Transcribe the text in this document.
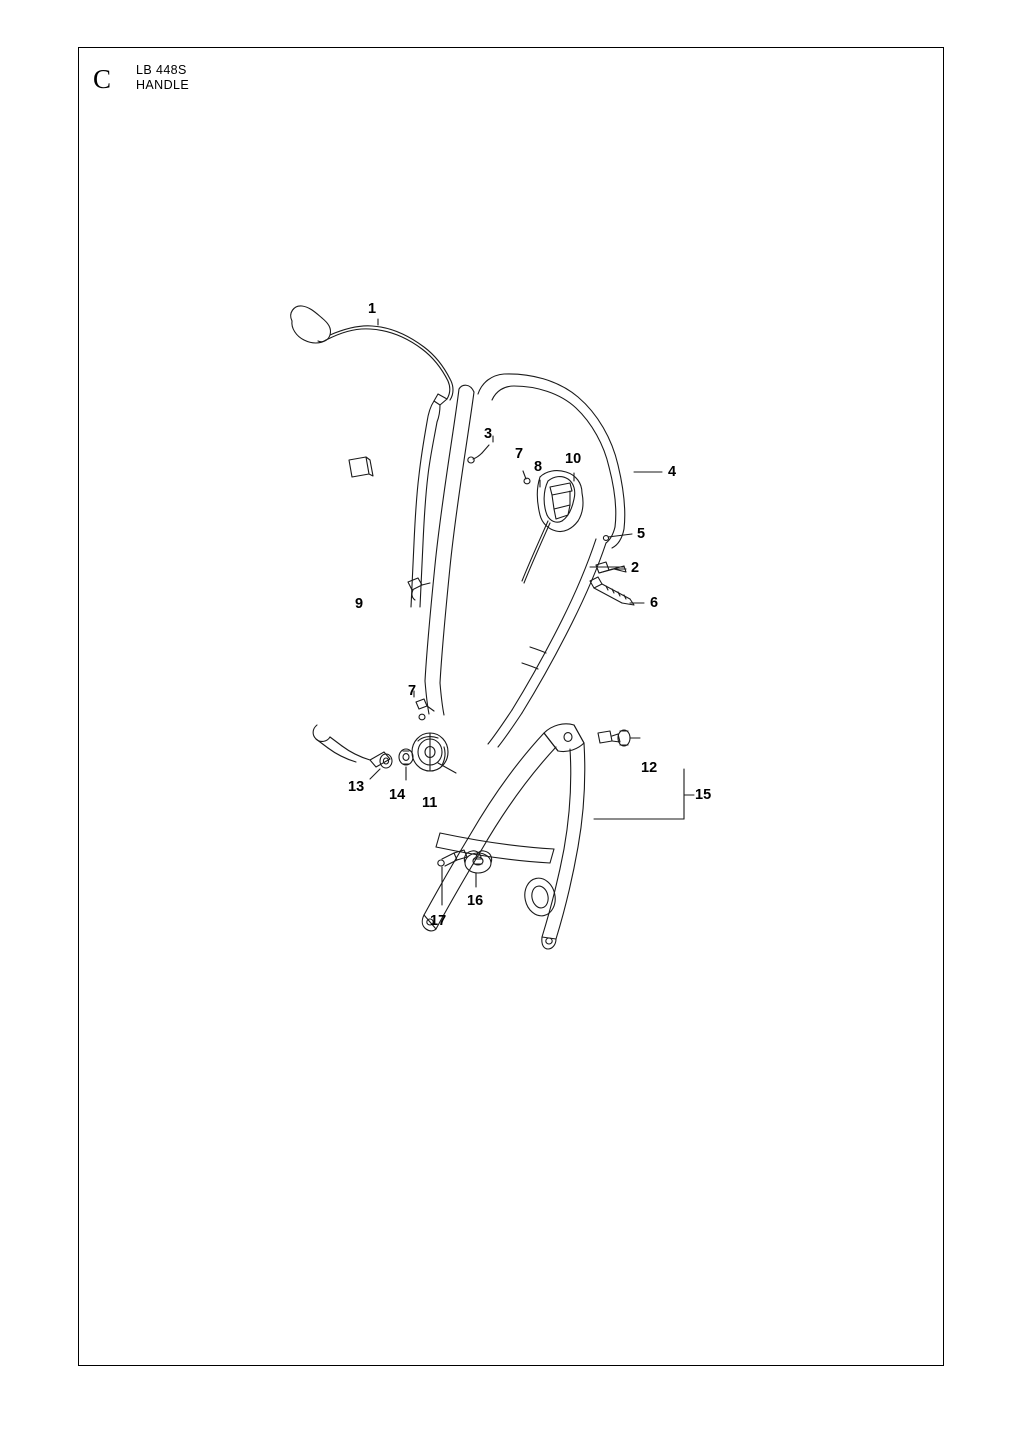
C LB 448S
HANDLE
1
3
7
8 10
4
5
2
6
9
7
12
15
13 14 11
16
17
